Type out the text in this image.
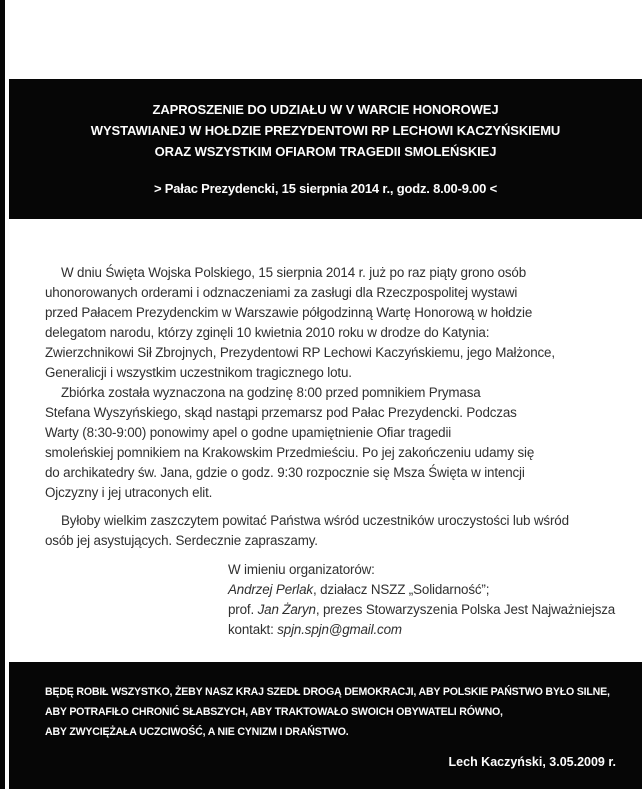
ZAPROSZENIE DO UDZIAŁU W V WARCIE HONOROWEJ
WYSTAWIANEJ W HOŁDZIE PREZYDENTOWI RP LECHOWI KACZYŃSKIEMU
ORAZ WSZYSTKIM OFIAROM TRAGEDII SMOLEŃSKIEJ
> Pałac Prezydencki, 15 sierpnia 2014 r., godz. 8.00-9.00 <
W dniu Święta Wojska Polskiego, 15 sierpnia 2014 r. już po raz piąty grono osób
uhonorowanych orderami i odznaczeniami za zasługi dla Rzeczpospolitej wystawi
przed Pałacem Prezydenckim w Warszawie półgodzinną Wartę Honorową w hołdzie
delegatom narodu, którzy zginęli 10 kwietnia 2010 roku w drodze do Katynia:
Zwierzchnikowi Sił Zbrojnych, Prezydentowi RP Lechowi Kaczyńskiemu, jego Małżonce,
Generalicji i wszystkim uczestnikom tragicznego lotu.
Zbiórka została wyznaczona na godzinę 8:00 przed pomnikiem Prymasa
Stefana Wyszyńskiego, skąd nastąpi przemarsz pod Pałac Prezydencki. Podczas
Warty (8:30-9:00) ponowimy apel o godne upamiętnienie Ofiar tragedii
smoleńskiej pomnikiem na Krakowskim Przedmieściu. Po jej zakończeniu udamy się
do archikatedry św. Jana, gdzie o godz. 9:30 rozpocznie się Msza Święta w intencji
Ojczyzny i jej utraconych elit.
Byłoby wielkim zaszczytem powitać Państwa wśród uczestników uroczystości lub wśród
osób jej asystujących. Serdecznie zapraszamy.
W imieniu organizatorów:
Andrzej Perlak, działacz NSZZ „Solidarność”;
prof. Jan Żaryn, prezes Stowarzyszenia Polska Jest Najważniejsza
kontakt: spjn.spjn@gmail.com
BĘDĘ ROBIŁ WSZYSTKO, ŻEBY NASZ KRAJ SZEDŁ DROGĄ DEMOKRACJI, ABY POLSKIE PAŃSTWO BYŁO SILNE,
ABY POTRAFIŁO CHRONIĆ SŁABSZYCH, ABY TRAKTOWAŁO SWOICH OBYWATELI RÓWNO,
ABY ZWYCIĘŻAŁA UCZCIWOŚĆ, A NIE CYNIZM I DRAŃSTWO.
Lech Kaczyński, 3.05.2009 r.
